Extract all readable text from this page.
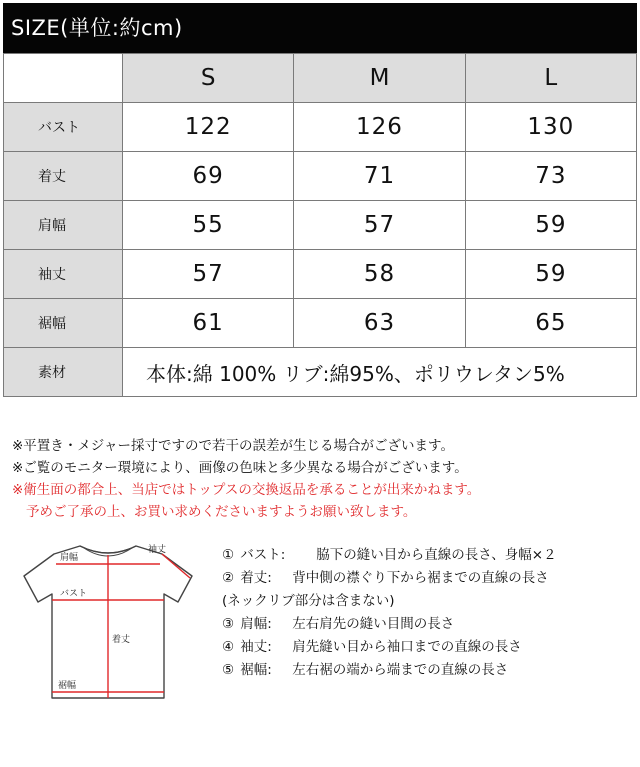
SIZE(単位:約cm)
	S	M	L
バスト	122	126	130
着丈	69	71	73
肩幅	55	57	59
袖丈	57	58	59
裾幅	61	63	65
素材	本体:綿 100% リブ:綿95%、ポリウレタン5%		
※平置き・メジャー採寸ですので若干の誤差が生じる場合がございます。
※ご覧のモニター環境により、画像の色味と多少異なる場合がございます。
※衛生面の都合上、当店ではトップスの交換返品を承ることが出来かねます。
予めご了承の上、お買い求めくださいますようお願い致します。
肩幅
袖丈
バスト
着丈
裾幅
① バスト: 脇下の縫い目から直線の長さ、身幅×２
② 着丈: 背中側の襟ぐり下から裾までの直線の長さ
(ネックリブ部分は含まない)
③ 肩幅: 左右肩先の縫い目間の長さ
④ 袖丈: 肩先縫い目から袖口までの直線の長さ
⑤ 裾幅: 左右裾の端から端までの直線の長さ
